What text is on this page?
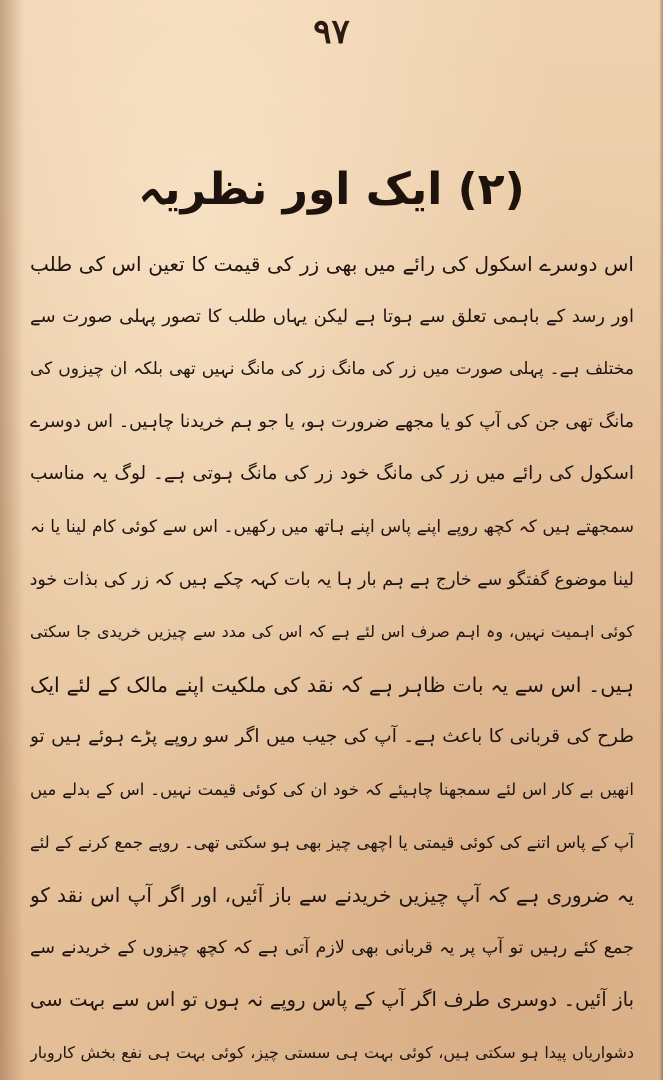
۹۷
(۲) ایک اور نظریہ
اس دوسرے اسکول کی رائے میں بھی زر کی قیمت کا تعین اس کی طلب
اور رسد کے باہمی تعلق سے ہوتا ہے لیکن یہاں طلب کا تصور پہلی صورت سے
مختلف ہے۔ پہلی صورت میں زر کی مانگ زر کی مانگ نہیں تھی بلکہ ان چیزوں کی
مانگ تھی جن کی آپ کو یا مجھے ضرورت ہو، یا جو ہم خریدنا چاہیں۔ اس دوسرے
اسکول کی رائے میں زر کی مانگ خود زر کی مانگ ہوتی ہے۔ لوگ یہ مناسب
سمجھتے ہیں کہ کچھ روپے اپنے پاس اپنے ہاتھ میں رکھیں۔ اس سے کوئی کام لینا یا نہ
لینا موضوع گفتگو سے خارج ہے ہم بار ہا یہ بات کہہ چکے ہیں کہ زر کی بذات خود
کوئی اہمیت نہیں، وہ اہم صرف اس لئے ہے کہ اس کی مدد سے چیزیں خریدی جا سکتی
ہیں۔ اس سے یہ بات ظاہر ہے کہ نقد کی ملکیت اپنے مالک کے لئے ایک
طرح کی قربانی کا باعث ہے۔ آپ کی جیب میں اگر سو روپے پڑے ہوئے ہیں تو
انھیں بے کار اس لئے سمجھنا چاہیئے کہ خود ان کی کوئی قیمت نہیں۔ اس کے بدلے میں
آپ کے پاس اتنے کی کوئی قیمتی یا اچھی چیز بھی ہو سکتی تھی۔ روپے جمع کرنے کے لئے
یہ ضروری ہے کہ آپ چیزیں خریدنے سے باز آئیں، اور اگر آپ اس نقد کو
جمع کئے رہیں تو آپ پر یہ قربانی بھی لازم آتی ہے کہ کچھ چیزوں کے خریدنے سے
باز آئیں۔ دوسری طرف اگر آپ کے پاس روپے نہ ہوں تو اس سے بہت سی
دشواریاں پیدا ہو سکتی ہیں، کوئی بہت ہی سستی چیز، کوئی بہت ہی نفع بخش کاروبار
